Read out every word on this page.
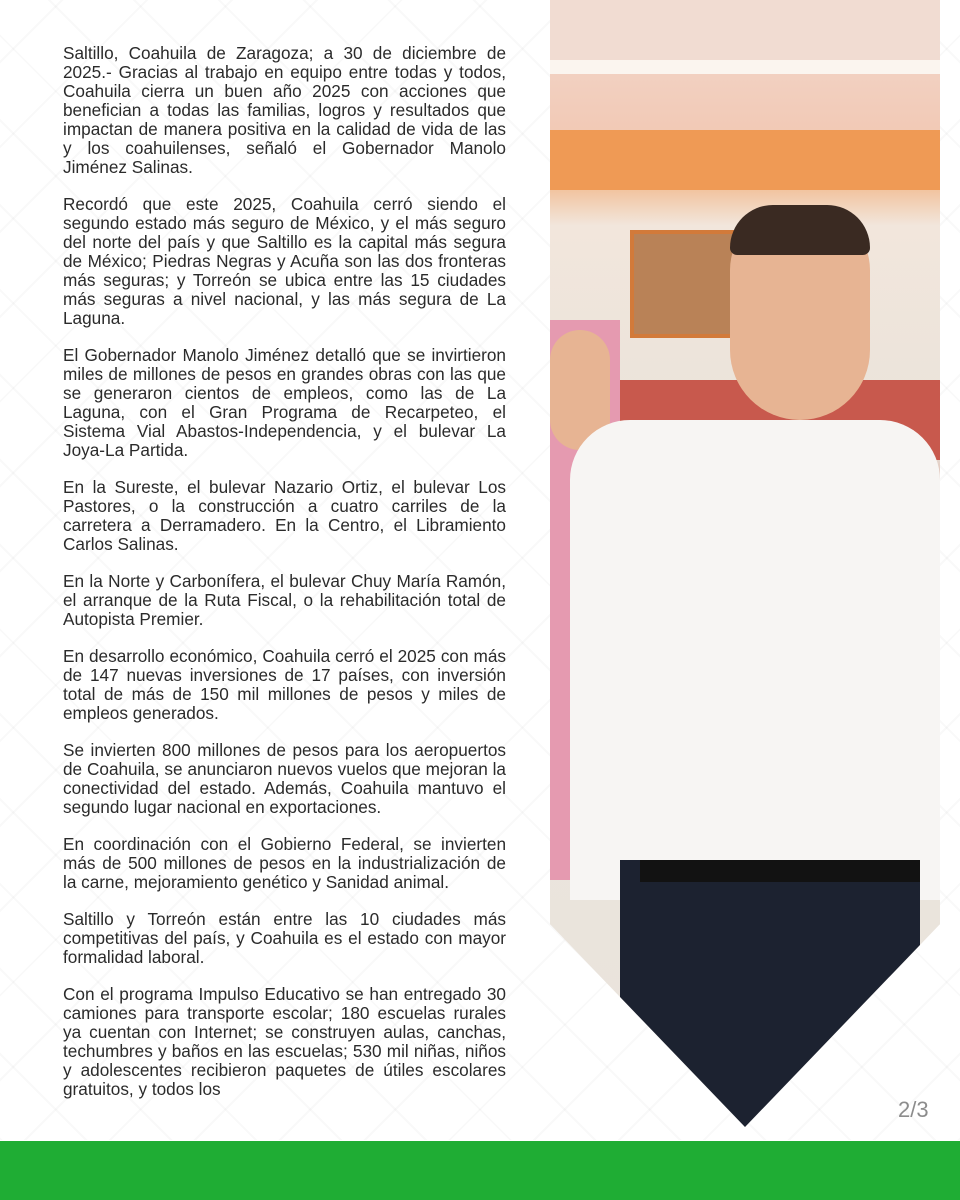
Saltillo, Coahuila de Zaragoza; a 30 de diciembre de 2025.- Gracias al trabajo en equipo entre todas y todos, Coahuila cierra un buen año 2025 con acciones que benefician a todas las familias, logros y resultados que impactan de manera positiva en la calidad de vida de las y los coahuilenses, señaló el Gobernador Manolo Jiménez Salinas.

Recordó que este 2025, Coahuila cerró siendo el segundo estado más seguro de México, y el más seguro del norte del país y que Saltillo es la capital más segura de México; Piedras Negras y Acuña son las dos fronteras más seguras; y Torreón se ubica entre las 15 ciudades más seguras a nivel nacional, y las más segura de La Laguna.

El Gobernador Manolo Jiménez detalló que se invirtieron miles de millones de pesos en grandes obras con las que se generaron cientos de empleos, como las de La Laguna, con el Gran Programa de Recarpeteo, el Sistema Vial Abastos-Independencia, y el bulevar La Joya-La Partida.

En la Sureste, el bulevar Nazario Ortiz, el bulevar Los Pastores, o la construcción a cuatro carriles de la carretera a Derramadero. En la Centro, el Libramiento Carlos Salinas.

En la Norte y Carbonífera, el bulevar Chuy María Ramón, el arranque de la Ruta Fiscal, o la rehabilitación total de Autopista Premier.

En desarrollo económico, Coahuila cerró el 2025 con más de 147 nuevas inversiones de 17 países, con inversión total de más de 150 mil millones de pesos y miles de empleos generados.

Se invierten 800 millones de pesos para los aeropuertos de Coahuila, se anunciaron nuevos vuelos que mejoran la conectividad del estado. Además, Coahuila mantuvo el segundo lugar nacional en exportaciones.

En coordinación con el Gobierno Federal, se invierten más de 500 millones de pesos en la industrialización de la carne, mejoramiento genético y Sanidad animal.

Saltillo y Torreón están entre las 10 ciudades más competitivas del país, y Coahuila es el estado con mayor formalidad laboral.

Con el programa Impulso Educativo se han entregado 30 camiones para transporte escolar; 180 escuelas rurales ya cuentan con Internet; se construyen aulas, canchas, techumbres y baños en las escuelas; 530 mil niñas, niños y adolescentes recibieron paquetes de útiles escolares gratuitos, y todos los

2/3
